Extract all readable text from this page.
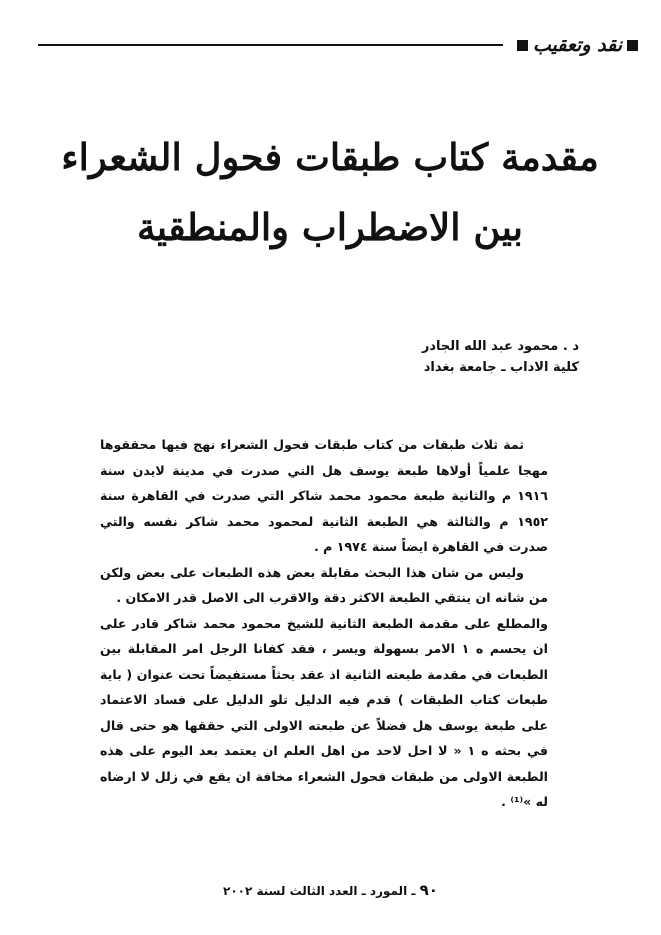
نقد وتعقيب
مقدمة كتاب طبقات فحول الشعراء
بين الاضطراب والمنطقية
د . محمود عبد الله الجادر
كلية الاداب ـ جامعة بغداد

ثمة ثلاث طبقات من كتاب طبقات فحول الشعراء نهج فيها محققوها مهجا علمياً أولاها طبعة يوسف هل التي صدرت في مدينة لايدن سنة ١٩١٦ م والثانية طبعة محمود محمد شاكر التي صدرت في القاهرة سنة ١٩٥٢ م والثالثة هي الطبعة الثانية لمحمود محمد شاكر نفسه والتي صدرت في القاهرة ايضاً سنة ١٩٧٤ م .

وليس من شان هذا البحث مقابلة بعض هذه الطبعات على بعض ولكن من شانه ان ينتقي الطبعة الاكثر دقة والاقرب الى الاصل قدر الامكان .

والمطلع على مقدمة الطبعة الثانية للشيخ محمود محمد شاكر قادر على ان يحسم ه ١ الامر بسهولة ويسر ، فقد كفانا الرجل امر المقابلة بين الطبعات في مقدمة طبعته الثانية اذ عقد بحثاً مستفيضاً تحت عنوان ( باية طبعات كتاب الطبقات ) قدم فيه الدليل تلو الدليل على فساد الاعتماد على طبعة يوسف هل فضلاً عن طبعته الاولى التي حققها هو حتى قال في بحثه ه ١ « لا احل لاحد من اهل العلم ان يعتمد بعد اليوم على هذه الطبعة الاولى من طبقات فحول الشعراء مخافة ان يقع في زلل لا ارضاه له »⁽¹⁾ .

٩٠ ـ المورد ـ العدد الثالث لسنة ٢٠٠٢
